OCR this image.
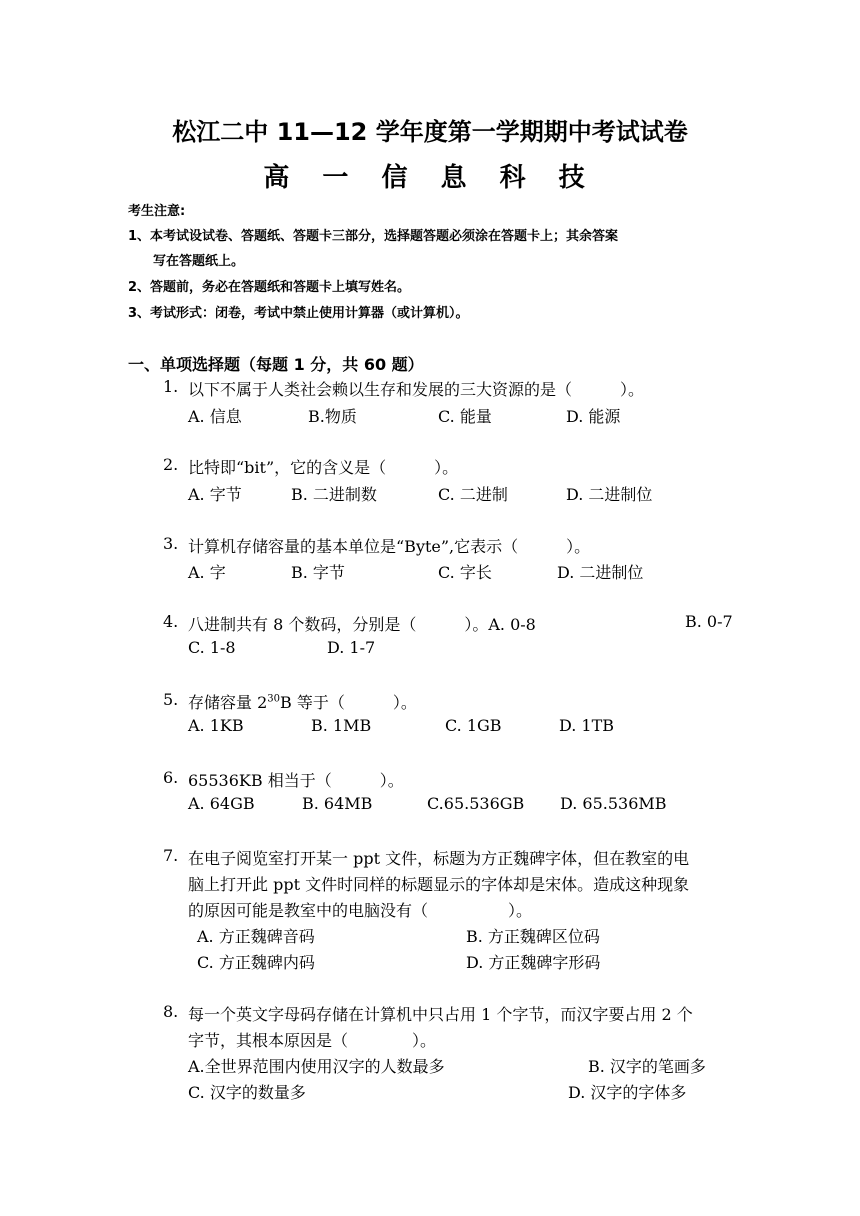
松江二中 11—12 学年度第一学期期中考试试卷
高 一 信 息 科 技
考生注意:
1、本考试设试卷、答题纸、答题卡三部分，选择题答题必须涂在答题卡上；其余答案
写在答题纸上。
2、答题前，务必在答题纸和答题卡上填写姓名。
3、考试形式：闭卷，考试中禁止使用计算器（或计算机）。
一、单项选择题（每题 1 分，共 60 题）
1. 以下不属于人类社会赖以生存和发展的三大资源的是（　　　）。
A. 信息	B.物质	C. 能量	D. 能源
2. 比特即“bit”，它的含义是（　　　）。
A. 字节	B. 二进制数	C. 二进制	D. 二进制位
3. 计算机存储容量的基本单位是“Byte”,它表示（　　　）。
A. 字	B. 字节	C. 字长	D. 二进制位
4. 八进制共有 8 个数码，分别是（　　　）。A. 0-8	B. 0-7
C. 1-8	D. 1-7
5. 存储容量 $2^{30}B$ 等于（　　　）。
A. 1KB	B. 1MB	C. 1GB	D. 1TB
6. 65536KB 相当于（　　　）。
A. 64GB	B. 64MB	C.65.536GB D. 65.536MB
7. 在电子阅览室打开某一 ppt 文件，标题为方正魏碑字体，但在教室的电
脑上打开此 ppt 文件时同样的标题显示的字体却是宋体。造成这种现象
的原因可能是教室中的电脑没有（　　　　　）。
A. 方正魏碑音码	B. 方正魏碑区位码
C. 方正魏碑内码	D. 方正魏碑字形码
8. 每一个英文字母码存储在计算机中只占用 1 个字节，而汉字要占用 2 个
字节，其根本原因是（　　　　）。
A.全世界范围内使用汉字的人数最多	B. 汉字的笔画多
C. 汉字的数量多	D. 汉字的字体多
